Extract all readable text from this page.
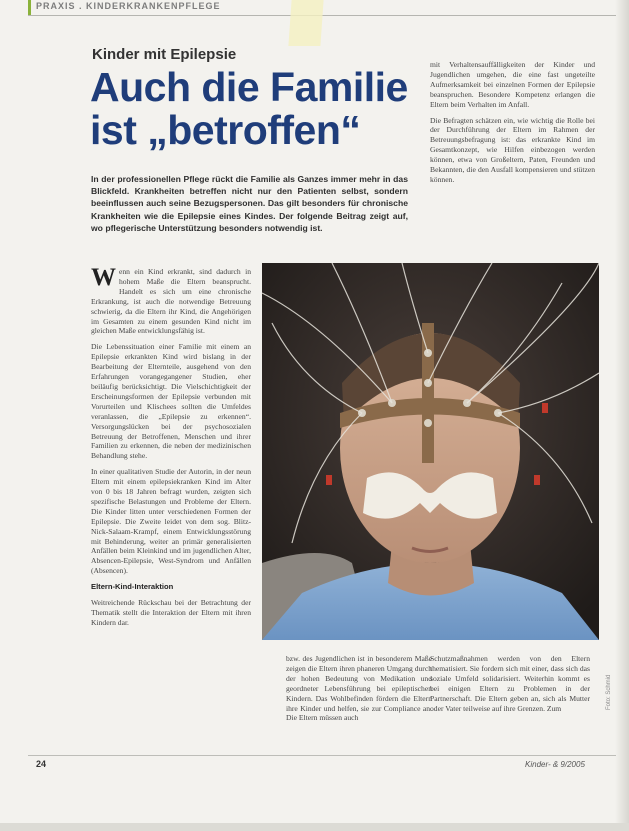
PRAXIS . KINDERKRANKENPFLEGE
Kinder mit Epilepsie
Auch die Familie ist „betroffen“
In der professionellen Pflege rückt die Familie als Ganzes immer mehr in das Blickfeld. Krankheiten betreffen nicht nur den Patienten selbst, sondern beeinflussen auch seine Bezugspersonen. Das gilt besonders für chronische Krankheiten wie die Epilepsie eines Kindes. Der folgende Beitrag zeigt auf, wo pflegerische Unterstützung besonders notwendig ist.

mit Verhaltensauffälligkeiten der Kinder und Jugendlichen umgehen, die eine fast ungeteilte Aufmerksamkeit bei einzelnen Formen der Epilepsie beanspruchen. Besondere Kompetenz erlangen die Eltern beim Verhalten im Anfall.

Die Befragten schätzen ein, wie wichtig die Rolle bei der Durchführung der Eltern im Rahmen der Betreuungsbefragung ist: das erkrankte Kind im Gesamtkonzept, wie Hilfen einbezogen werden können, etwa von Großeltern, Paten, Freunden und Bekannten, die den Ausfall kompensieren und stützen können.

Wenn ein Kind erkrankt, sind dadurch in hohem Maße die Eltern beansprucht. Handelt es sich um eine chronische Erkrankung, ist auch die notwendige Betreuung schwierig, da die Eltern ihr Kind, die Angehörigen im Gesamten zu einem gesunden Kind nicht im gleichen Maße entwicklungsfähig ist.

Die Lebenssituation einer Familie mit einem an Epilepsie erkrankten Kind wird bislang in der Bearbeitung der Elternteile, ausgehend von den Erfahrungen vorangegangener Studien, eher beiläufig berücksichtigt. Die Vielschichtigkeit der Erscheinungsformen der Epilepsie verbunden mit Vorurteilen und Klischees sollten die Umfeldes veranlassen, die „Epilepsie zu erkennen“. Versorgungslücken bei der psychosozialen Betreuung der Betroffenen, Menschen und ihrer Familien zu erkennen, die neben der medizinischen Behandlung stehe.

In einer qualitativen Studie der Autorin, in der neun Eltern mit einem epilepsiekranken Kind im Alter von 0 bis 18 Jahren befragt wurden, zeigten sich spezifische Belastungen und Probleme der Eltern. Die Kinder litten unter verschiedenen Formen der Epilepsie. Die Zweite leidet von dem sog. Blitz-Nick-Salaam-Krampf, einem Entwicklungsstörung mit Behinderung, weiter an primär generalisierten Anfällen beim Kleinkind und im jugendlichen Alter, Absencen-Epilepsie, West-Syndrom und Anfällen (Absencen).

Eltern-Kind-Interaktion

Weitreichende Rückschau bei der Betrachtung der Thematik stellt die Interaktion der Eltern mit ihren Kindern dar.

Foto: Schmid

bzw. des Jugendlichen ist in besonderem Maße zeigen die Eltern ihren phaneren Umgang durch der hohen Bedeutung von Medikation und geordneter Lebensführung bei epileptischen Kindern. Das Wohlbefinden fördern die Eltern ihre Kinder und helfen, sie zur Compliance an. Die Eltern müssen auch

Schutzmaßnahmen werden von den Eltern thematisiert. Sie fordern sich mit einer, dass sich das soziale Umfeld solidarisiert. Weiterhin kommt es bei einigen Eltern zu Problemen in der Partnerschaft. Die Eltern geben an, sich als Mutter oder Vater teilweise auf ihre Grenzen. Zum

24	Kinder- & 9/2005
